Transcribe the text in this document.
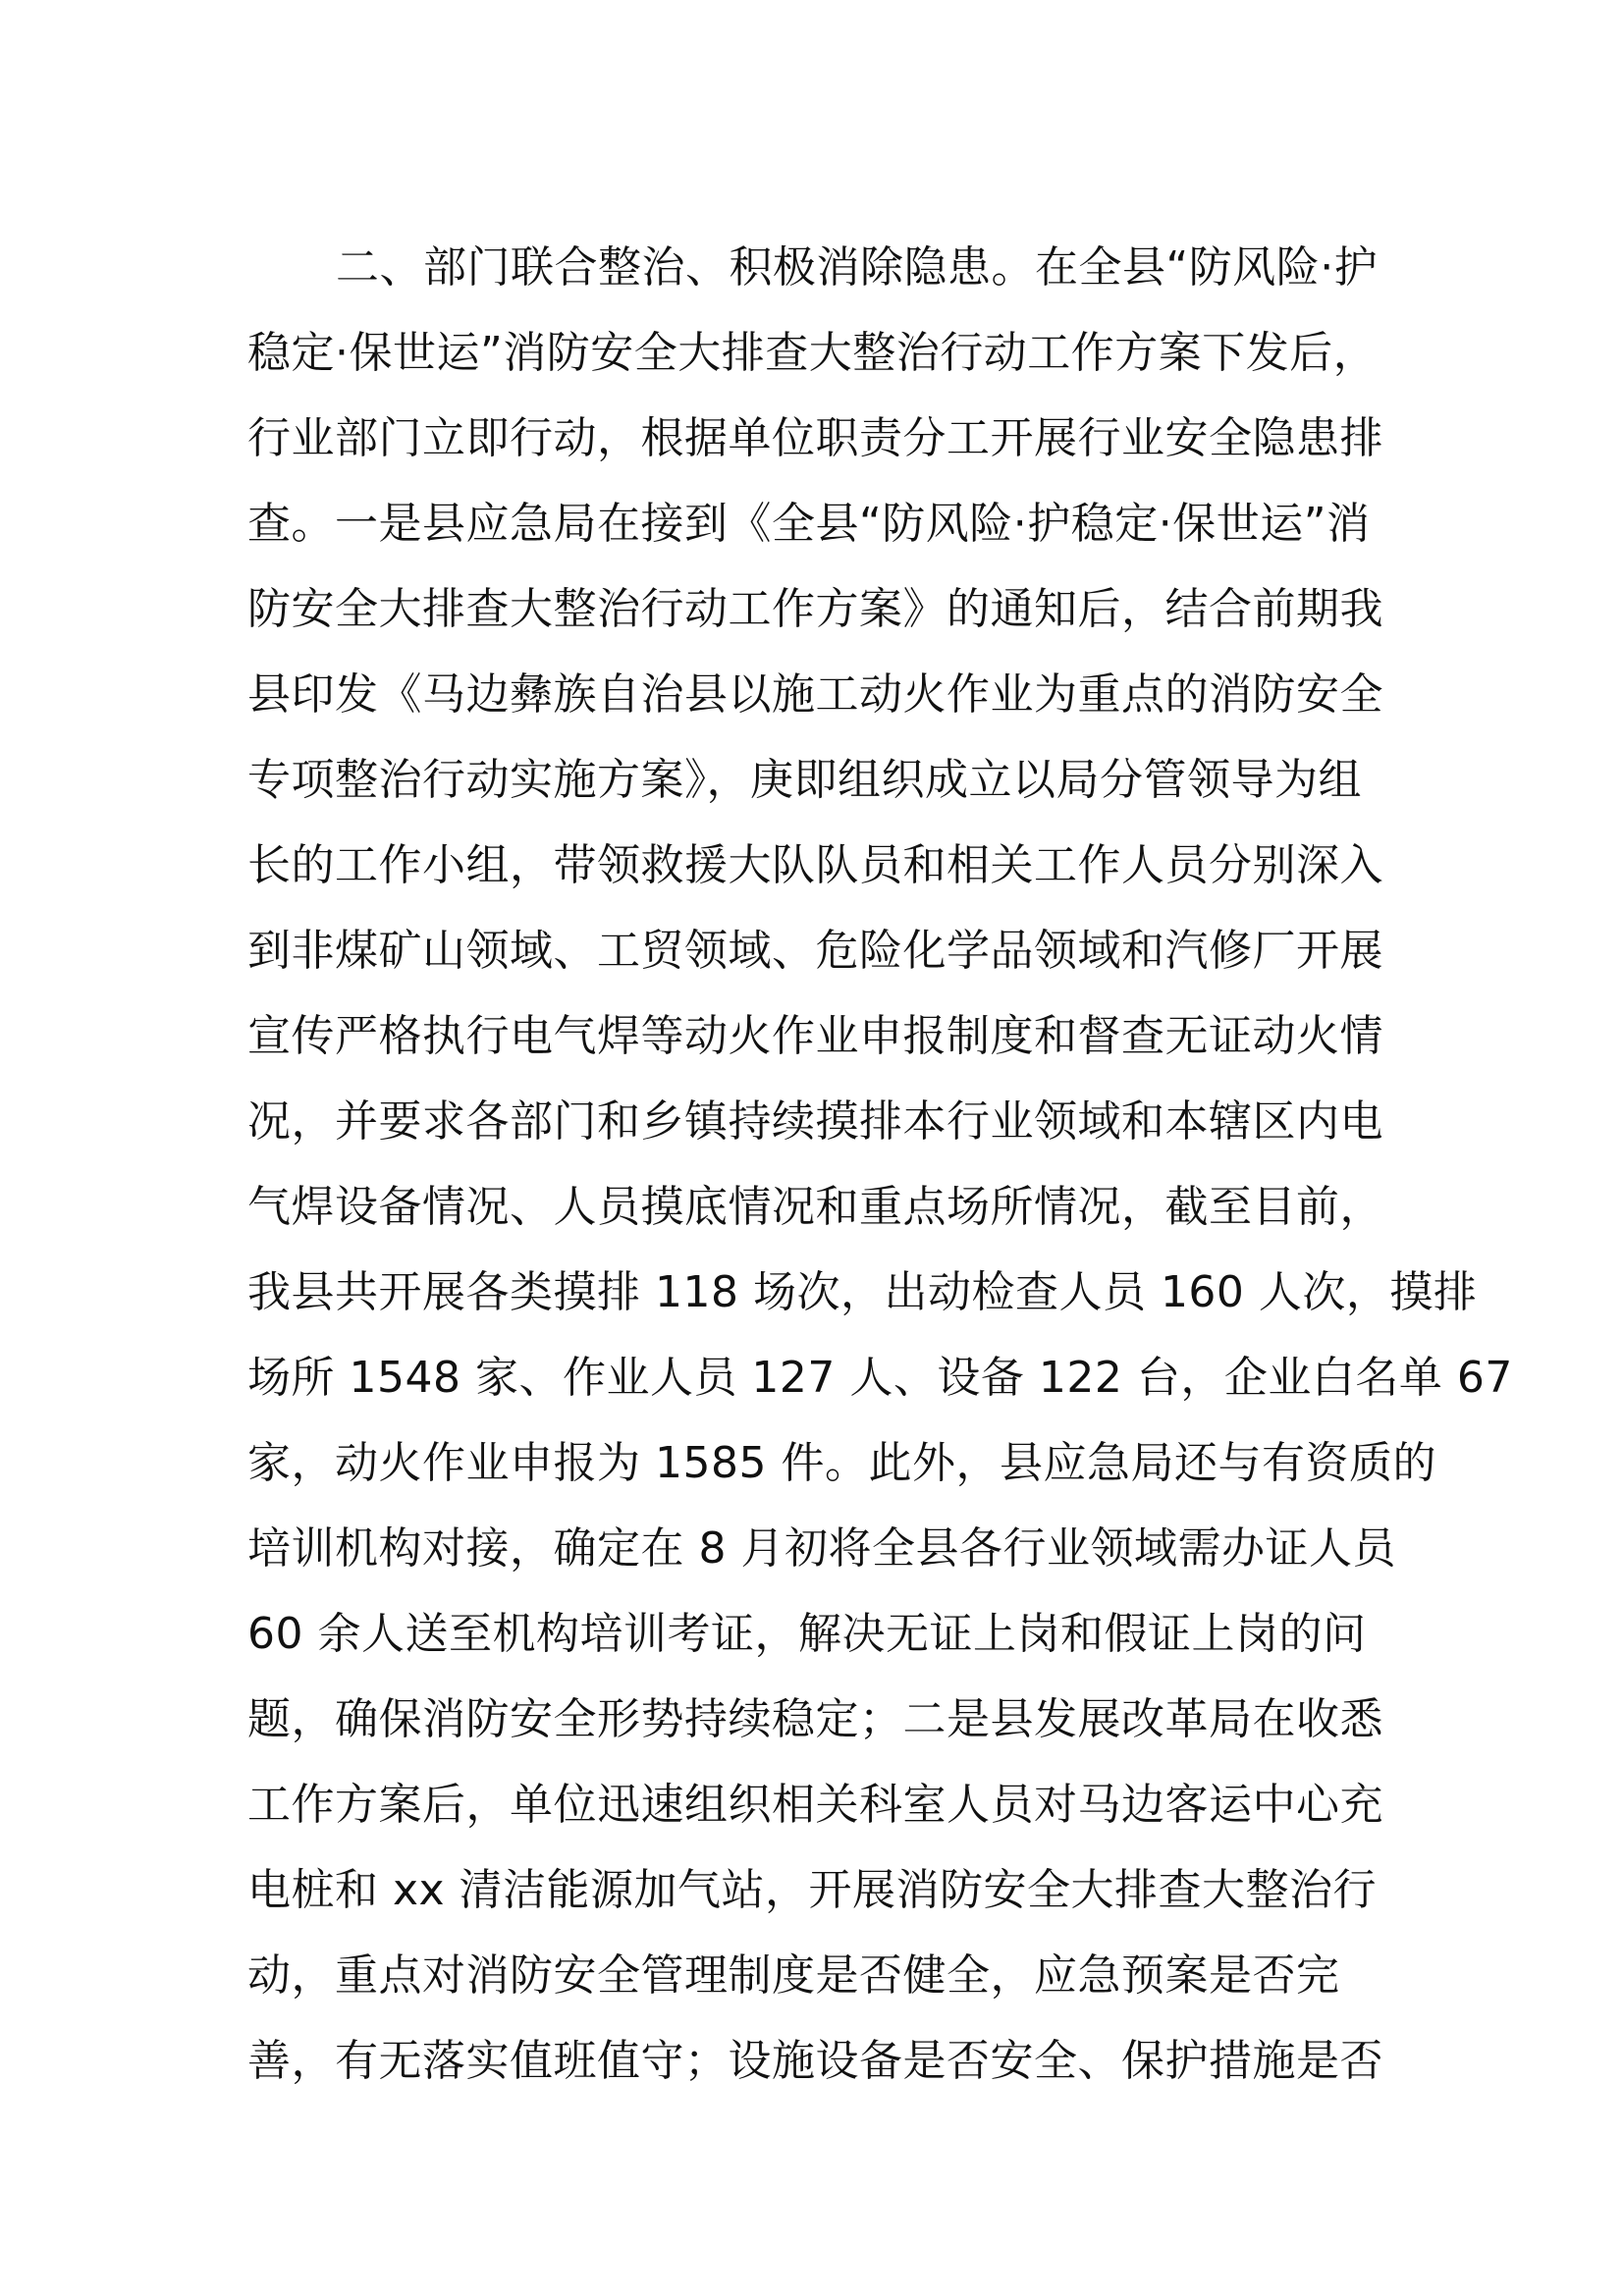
二、部门联合整治、积极消除隐患。在全县“防风险·护
稳定·保世运”消防安全大排查大整治行动工作方案下发后，
行业部门立即行动，根据单位职责分工开展行业安全隐患排
查。一是县应急局在接到《全县“防风险·护稳定·保世运”消
防安全大排查大整治行动工作方案》的通知后，结合前期我
县印发《马边彝族自治县以施工动火作业为重点的消防安全
专项整治行动实施方案》，庚即组织成立以局分管领导为组
长的工作小组，带领救援大队队员和相关工作人员分别深入
到非煤矿山领域、工贸领域、危险化学品领域和汽修厂开展
宣传严格执行电气焊等动火作业申报制度和督查无证动火情
况，并要求各部门和乡镇持续摸排本行业领域和本辖区内电
气焊设备情况、人员摸底情况和重点场所情况，截至目前，
我县共开展各类摸排 118 场次，出动检查人员 160 人次，摸排
场所 1548 家、作业人员 127 人、设备 122 台，企业白名单 67
家，动火作业申报为 1585 件。此外，县应急局还与有资质的
培训机构对接，确定在 8 月初将全县各行业领域需办证人员
60 余人送至机构培训考证，解决无证上岗和假证上岗的问
题，确保消防安全形势持续稳定；二是县发展改革局在收悉
工作方案后，单位迅速组织相关科室人员对马边客运中心充
电桩和 xx 清洁能源加气站，开展消防安全大排查大整治行
动，重点对消防安全管理制度是否健全，应急预案是否完
善，有无落实值班值守；设施设备是否安全、保护措施是否
